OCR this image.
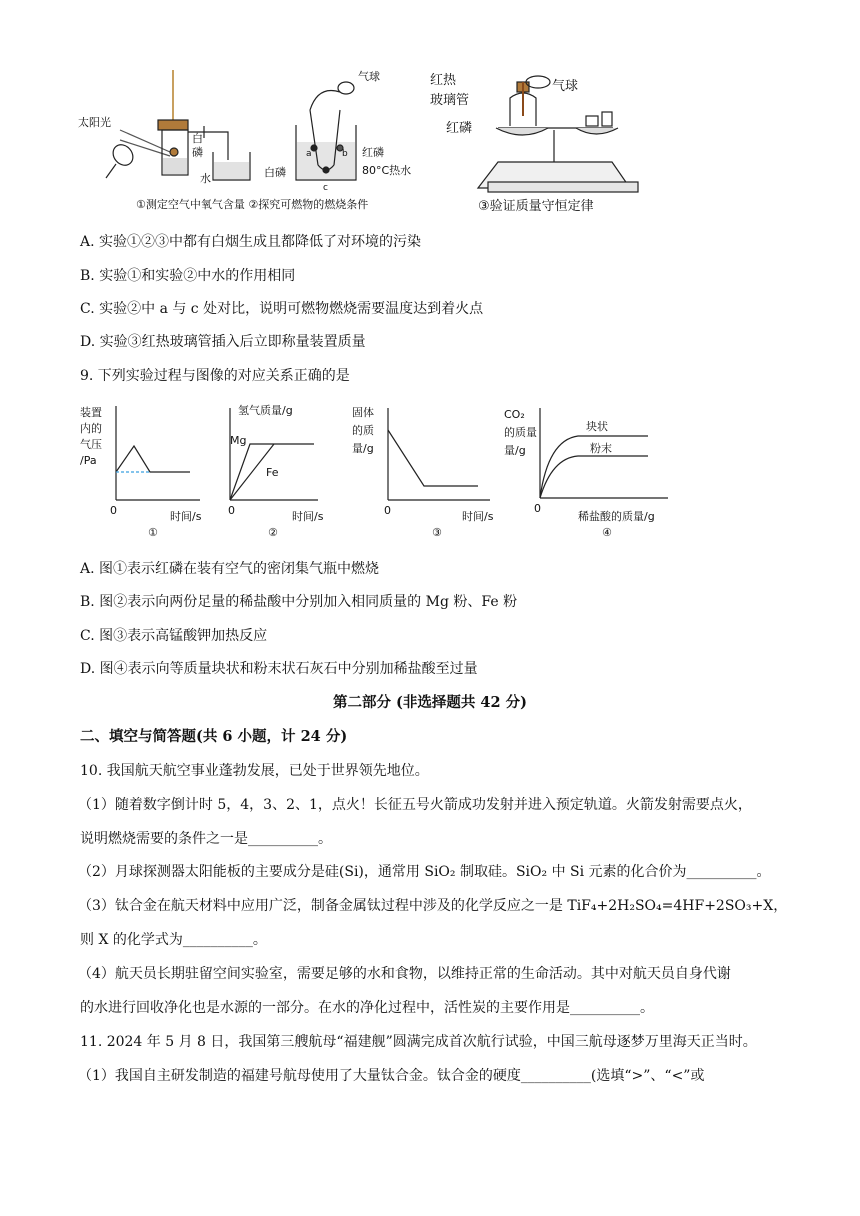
太阳光
白
磷
水
气球
白磷
红磷
a	b
c
80°C热水
①测定空气中氧气含量 ②探究可燃物的燃烧条件
红热
玻璃管
气球
红磷
③验证质量守恒定律
A. 实验①②③中都有白烟生成且都降低了对环境的污染
B. 实验①和实验②中水的作用相同
C. 实验②中 a 与 c 处对比，说明可燃物燃烧需要温度达到着火点
D. 实验③红热玻璃管插入后立即称量装置质量
9. 下列实验过程与图像的对应关系正确的是
装置
内的
气压
/Pa
0	时间/s
①
氢气质量/g
Mg
Fe
0	时间/s
②
固体
的质
量/g
0	时间/s
③
CO₂
的质量
量/g
块状
粉末
0
稀盐酸的质量/g
④
A. 图①表示红磷在装有空气的密闭集气瓶中燃烧
B. 图②表示向两份足量的稀盐酸中分别加入相同质量的 Mg 粉、Fe 粉
C. 图③表示高锰酸钾加热反应
D. 图④表示向等质量块状和粉末状石灰石中分别加稀盐酸至过量
第二部分 (非选择题共 42 分)
二、填空与简答题(共 6 小题，计 24 分)
10. 我国航天航空事业蓬勃发展，已处于世界领先地位。
（1）随着数字倒计时 5，4，3、2、1，点火！长征五号火箭成功发射并进入预定轨道。火箭发射需要点火，
说明燃烧需要的条件之一是__________。
（2）月球探测器太阳能板的主要成分是硅(Si)，通常用 SiO₂ 制取硅。SiO₂ 中 Si 元素的化合价为__________。
（3）钛合金在航天材料中应用广泛，制备金属钛过程中涉及的化学反应之一是 TiF₄+2H₂SO₄=4HF+2SO₃+X，
则 X 的化学式为__________。
（4）航天员长期驻留空间实验室，需要足够的水和食物，以维持正常的生命活动。其中对航天员自身代谢
的水进行回收净化也是水源的一部分。在水的净化过程中，活性炭的主要作用是__________。
11. 2024 年 5 月 8 日，我国第三艘航母“福建舰”圆满完成首次航行试验，中国三航母逐梦万里海天正当时。
（1）我国自主研发制造的福建号航母使用了大量钛合金。钛合金的硬度__________(选填“>”、“<”或
